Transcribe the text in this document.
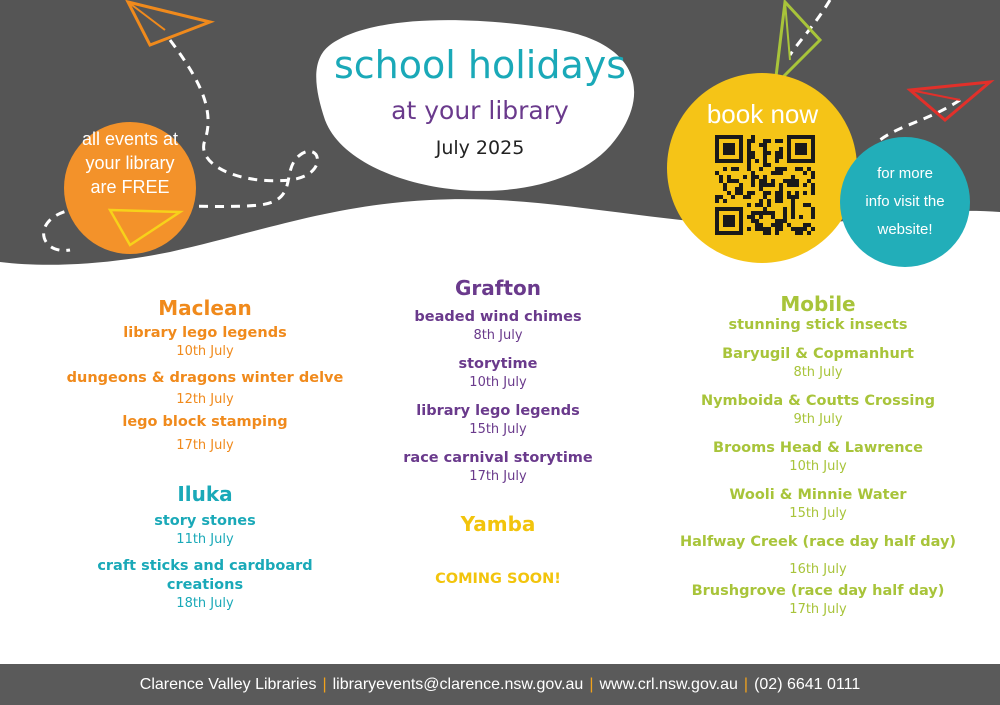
school holidays
at your library
July 2025
all events at
your library
are FREE
book now
for more
info visit the
website!
Maclean
library lego legends
10th July
dungeons & dragons winter delve
12th July
lego block stamping
17th July
Iluka
story stones
11th July
craft sticks and cardboard creations
18th July
Grafton
beaded wind chimes
8th July
storytime
10th July
library lego legends
15th July
race carnival storytime
17th July
Yamba
COMING SOON!
Mobile
stunning stick insects
Baryugil & Copmanhurt
8th July
Nymboida & Coutts Crossing
9th July
Brooms Head & Lawrence
10th July
Wooli & Minnie Water
15th July
Halfway Creek (race day half day)
16th July
Brushgrove (race day half day)
17th July
Clarence Valley Libraries | libraryevents@clarence.nsw.gov.au | www.crl.nsw.gov.au | (02) 6641 0111
